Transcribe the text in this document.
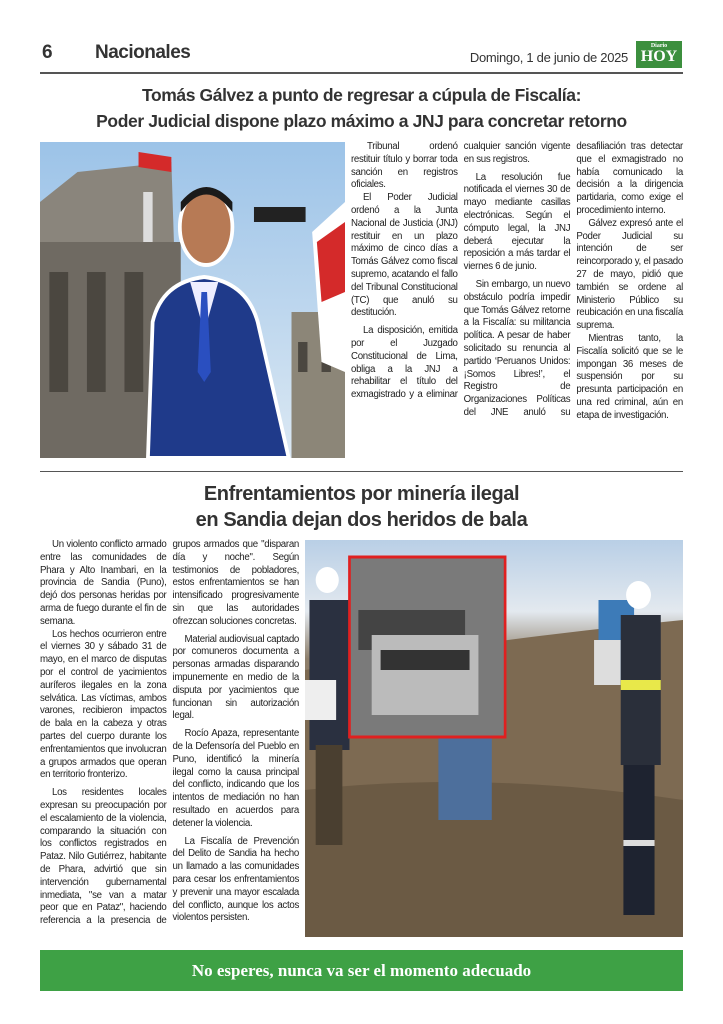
6 Nacionales	Domingo, 1 de junio de 2025
Diario
HOY
Tomás Gálvez a punto de regresar a cúpula de Fiscalía:
Poder Judicial dispone plazo máximo a JNJ para concretar retorno

Tribunal ordenó restituir título y borrar toda sanción en registros oficiales.

El Poder Judicial ordenó a la Junta Nacional de Justicia (JNJ) restituir en un plazo máximo de cinco días a Tomás Gálvez como fiscal supremo, acatando el fallo del Tribunal Constitucional (TC) que anuló su destitución.

La disposición, emitida por el Juzgado Constitucional de Lima, obliga a la JNJ a rehabilitar el título del exmagistrado y a eliminar cualquier sanción vigente en sus registros.

La resolución fue notificada el viernes 30 de mayo mediante casillas electrónicas. Según el cómputo legal, la JNJ deberá ejecutar la reposición a más tardar el viernes 6 de junio.

Sin embargo, un nuevo obstáculo podría impedir que Tomás Gálvez retorne a la Fiscalía: su militancia política. A pesar de haber solicitado su renuncia al partido ‘Peruanos Unidos: ¡Somos Libres!’, el Registro de Organizaciones Políticas del JNE anuló su desafiliación tras detectar que el exmagistrado no había comunicado la decisión a la dirigencia partidaria, como exige el procedimiento interno.

Gálvez expresó ante el Poder Judicial su intención de ser reincorporado y, el pasado 27 de mayo, pidió que también se ordene al Ministerio Público su reubicación en una fiscalía suprema.

Mientras tanto, la Fiscalía solicitó que se le impongan 36 meses de suspensión por su presunta participación en una red criminal, aún en etapa de investigación.

Enfrentamientos por minería ilegal
en Sandia dejan dos heridos de bala

Un violento conflicto armado entre las comunidades de Phara y Alto Inambari, en la provincia de Sandia (Puno), dejó dos personas heridas por arma de fuego durante el fin de semana.

Los hechos ocurrieron entre el viernes 30 y sábado 31 de mayo, en el marco de disputas por el control de yacimientos auríferos ilegales en la zona selvática. Las víctimas, ambos varones, recibieron impactos de bala en la cabeza y otras partes del cuerpo durante los enfrentamientos que involucran a grupos armados que operan en territorio fronterizo.

Los residentes locales expresan su preocupación por el escalamiento de la violencia, comparando la situación con los conflictos registrados en Pataz. Nilo Gutiérrez, habitante de Phara, advirtió que sin intervención gubernamental inmediata, "se van a matar peor que en Pataz", haciendo referencia a la presencia de grupos armados que "disparan día y noche". Según testimonios de pobladores, estos enfrentamientos se han intensificado progresivamente sin que las autoridades ofrezcan soluciones concretas.

Material audiovisual captado por comuneros documenta a personas armadas disparando impunemente en medio de la disputa por yacimientos que funcionan sin autorización legal.

Rocío Apaza, representante de la Defensoría del Pueblo en Puno, identificó la minería ilegal como la causa principal del conflicto, indicando que los intentos de mediación no han resultado en acuerdos para detener la violencia.

La Fiscalía de Prevención del Delito de Sandia ha hecho un llamado a las comunidades para cesar los enfrentamientos y prevenir una mayor escalada del conflicto, aunque los actos violentos persisten.

No esperes, nunca va ser el momento adecuado
